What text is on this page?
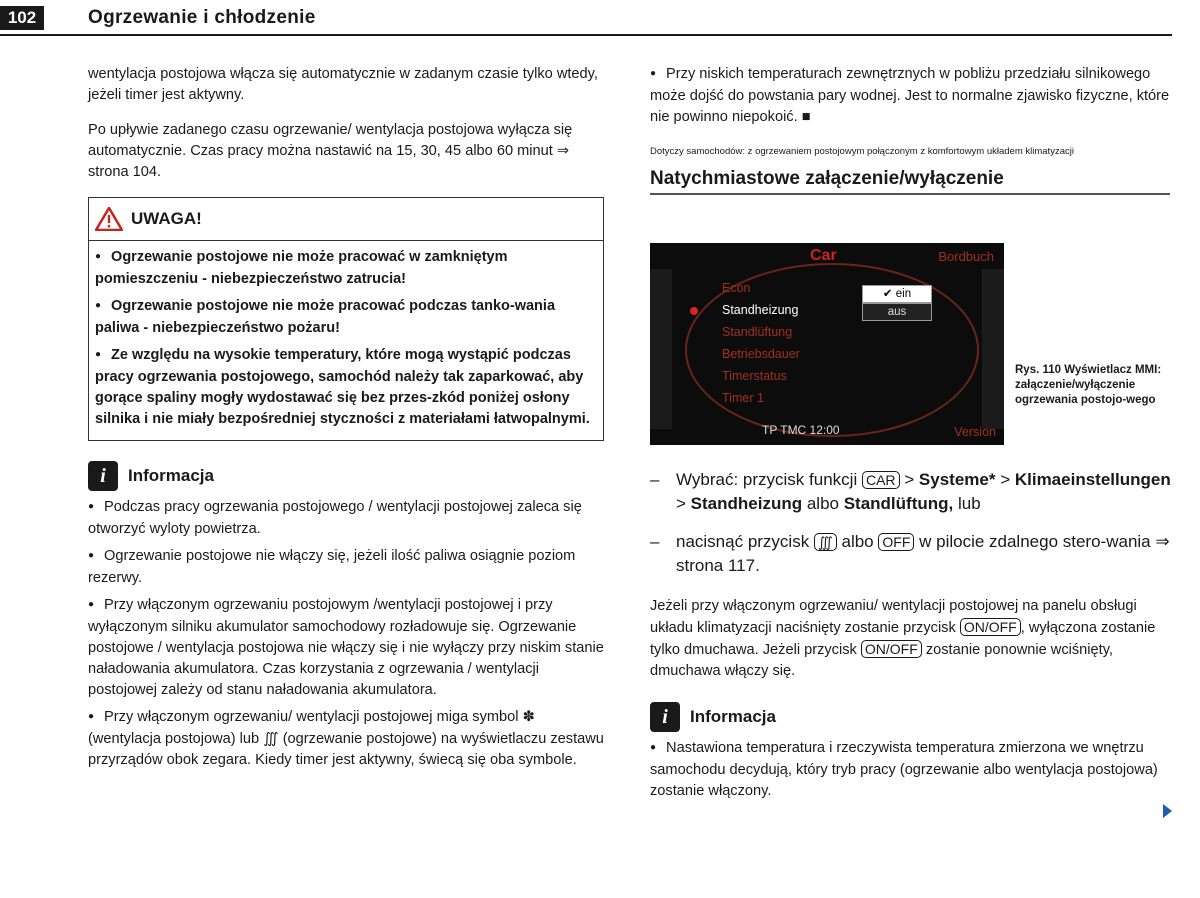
102	Ogrzewanie i chłodzenie

wentylacja postojowa włącza się automatycznie w zadanym czasie tylko wtedy, jeżeli timer jest aktywny.

Po upływie zadanego czasu ogrzewanie/ wentylacja postojowa wyłącza się automatycznie. Czas pracy można nastawić na 15, 30, 45 albo 60 minut ⇒ strona 104.

UWAGA!

● Ogrzewanie postojowe nie może pracować w zamkniętym pomieszczeniu - niebezpieczeństwo zatrucia!

● Ogrzewanie postojowe nie może pracować podczas tanko-wania paliwa - niebezpieczeństwo pożaru!

● Ze względu na wysokie temperatury, które mogą wystąpić podczas pracy ogrzewania postojowego, samochód należy tak zaparkować, aby gorące spaliny mogły wydostawać się bez przes-zkód poniżej osłony silnika i nie miały bezpośredniej styczności z materiałami łatwopalnymi.

i	Informacja

● Podczas pracy ogrzewania postojowego / wentylacji postojowej zaleca się otworzyć wyloty powietrza.

● Ogrzewanie postojowe nie włączy się, jeżeli ilość paliwa osiągnie poziom rezerwy.

● Przy włączonym ogrzewaniu postojowym /wentylacji postojowej i przy wyłączonym silniku akumulator samochodowy rozładowuje się. Ogrzewanie postojowe / wentylacja postojowa nie włączy się i nie wyłączy przy niskim stanie naładowania akumulatora. Czas korzystania z ogrzewania / wentylacji postojowej zależy od stanu naładowania akumulatora.

● Przy włączonym ogrzewaniu/ wentylacji postojowej miga symbol ✽ (wentylacja postojowa) lub ∭ (ogrzewanie postojowe) na wyświetlaczu zestawu przyrządów obok zegara. Kiedy timer jest aktywny, świecą się oba symbole.

● Przy niskich temperaturach zewnętrznych w pobliżu przedziału silnikowego może dojść do powstania pary wodnej. Jest to normalne zjawisko fizyczne, które nie powinno niepokoić. ■

Dotyczy samochodów: z ogrzewaniem postojowym połączonym z komfortowym układem klimatyzacji

Natychmiastowe załączenie/wyłączenie
Car	Bordbuch
Econ
Standheizung
Standlüftung
Betriebsdauer
Timerstatus
Timer 1
✔ ein
aus
TP TMC 12:00	Version
Rys. 110 Wyświetlacz MMI: załączenie/wyłączenie ogrzewania postojo-wego
– Wybrać: przycisk funkcji CAR > Systeme* > Klimaeinstellungen > Standheizung albo Standlüftung, lub
– nacisnąć przycisk ∭ albo OFF w pilocie zdalnego stero-wania ⇒ strona 117.

Jeżeli przy włączonym ogrzewaniu/ wentylacji postojowej na panelu obsługi układu klimatyzacji naciśnięty zostanie przycisk ON/OFF , wyłączona zostanie tylko dmuchawa. Jeżeli przycisk ON/OFF zostanie ponownie wciśnięty, dmuchawa włączy się.

i	Informacja

● Nastawiona temperatura i rzeczywista temperatura zmierzona we wnętrzu samochodu decydują, który tryb pracy (ogrzewanie albo wentylacja postojowa) zostanie włączony.
